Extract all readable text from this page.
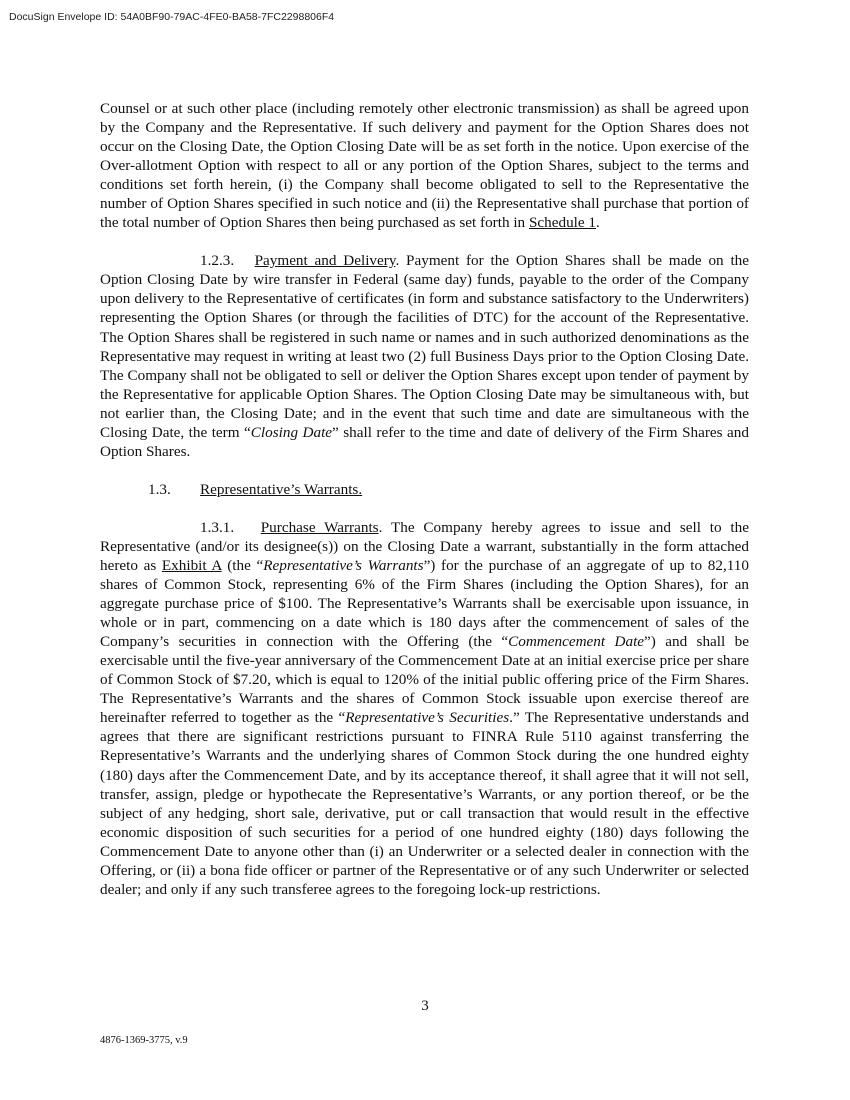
DocuSign Envelope ID: 54A0BF90-79AC-4FE0-BA58-7FC2298806F4

Counsel or at such other place (including remotely other electronic transmission) as shall be agreed upon by the Company and the Representative. If such delivery and payment for the Option Shares does not occur on the Closing Date, the Option Closing Date will be as set forth in the notice. Upon exercise of the Over-allotment Option with respect to all or any portion of the Option Shares, subject to the terms and conditions set forth herein, (i) the Company shall become obligated to sell to the Representative the number of Option Shares specified in such notice and (ii) the Representative shall purchase that portion of the total number of Option Shares then being purchased as set forth in Schedule 1.

1.2.3. Payment and Delivery. Payment for the Option Shares shall be made on the Option Closing Date by wire transfer in Federal (same day) funds, payable to the order of the Company upon delivery to the Representative of certificates (in form and substance satisfactory to the Underwriters) representing the Option Shares (or through the facilities of DTC) for the account of the Representative. The Option Shares shall be registered in such name or names and in such authorized denominations as the Representative may request in writing at least two (2) full Business Days prior to the Option Closing Date. The Company shall not be obligated to sell or deliver the Option Shares except upon tender of payment by the Representative for applicable Option Shares. The Option Closing Date may be simultaneous with, but not earlier than, the Closing Date; and in the event that such time and date are simultaneous with the Closing Date, the term “Closing Date” shall refer to the time and date of delivery of the Firm Shares and Option Shares.

1.3. Representative’s Warrants.

1.3.1. Purchase Warrants. The Company hereby agrees to issue and sell to the Representative (and/or its designee(s)) on the Closing Date a warrant, substantially in the form attached hereto as Exhibit A (the “Representative’s Warrants”) for the purchase of an aggregate of up to 82,110 shares of Common Stock, representing 6% of the Firm Shares (including the Option Shares), for an aggregate purchase price of $100. The Representative’s Warrants shall be exercisable upon issuance, in whole or in part, commencing on a date which is 180 days after the commencement of sales of the Company’s securities in connection with the Offering (the “Commencement Date”) and shall be exercisable until the five-year anniversary of the Commencement Date at an initial exercise price per share of Common Stock of $7.20, which is equal to 120% of the initial public offering price of the Firm Shares. The Representative’s Warrants and the shares of Common Stock issuable upon exercise thereof are hereinafter referred to together as the “Representative’s Securities.” The Representative understands and agrees that there are significant restrictions pursuant to FINRA Rule 5110 against transferring the Representative’s Warrants and the underlying shares of Common Stock during the one hundred eighty (180) days after the Commencement Date, and by its acceptance thereof, it shall agree that it will not sell, transfer, assign, pledge or hypothecate the Representative’s Warrants, or any portion thereof, or be the subject of any hedging, short sale, derivative, put or call transaction that would result in the effective economic disposition of such securities for a period of one hundred eighty (180) days following the Commencement Date to anyone other than (i) an Underwriter or a selected dealer in connection with the Offering, or (ii) a bona fide officer or partner of the Representative or of any such Underwriter or selected dealer; and only if any such transferee agrees to the foregoing lock-up restrictions.

3
4876-1369-3775, v.9
